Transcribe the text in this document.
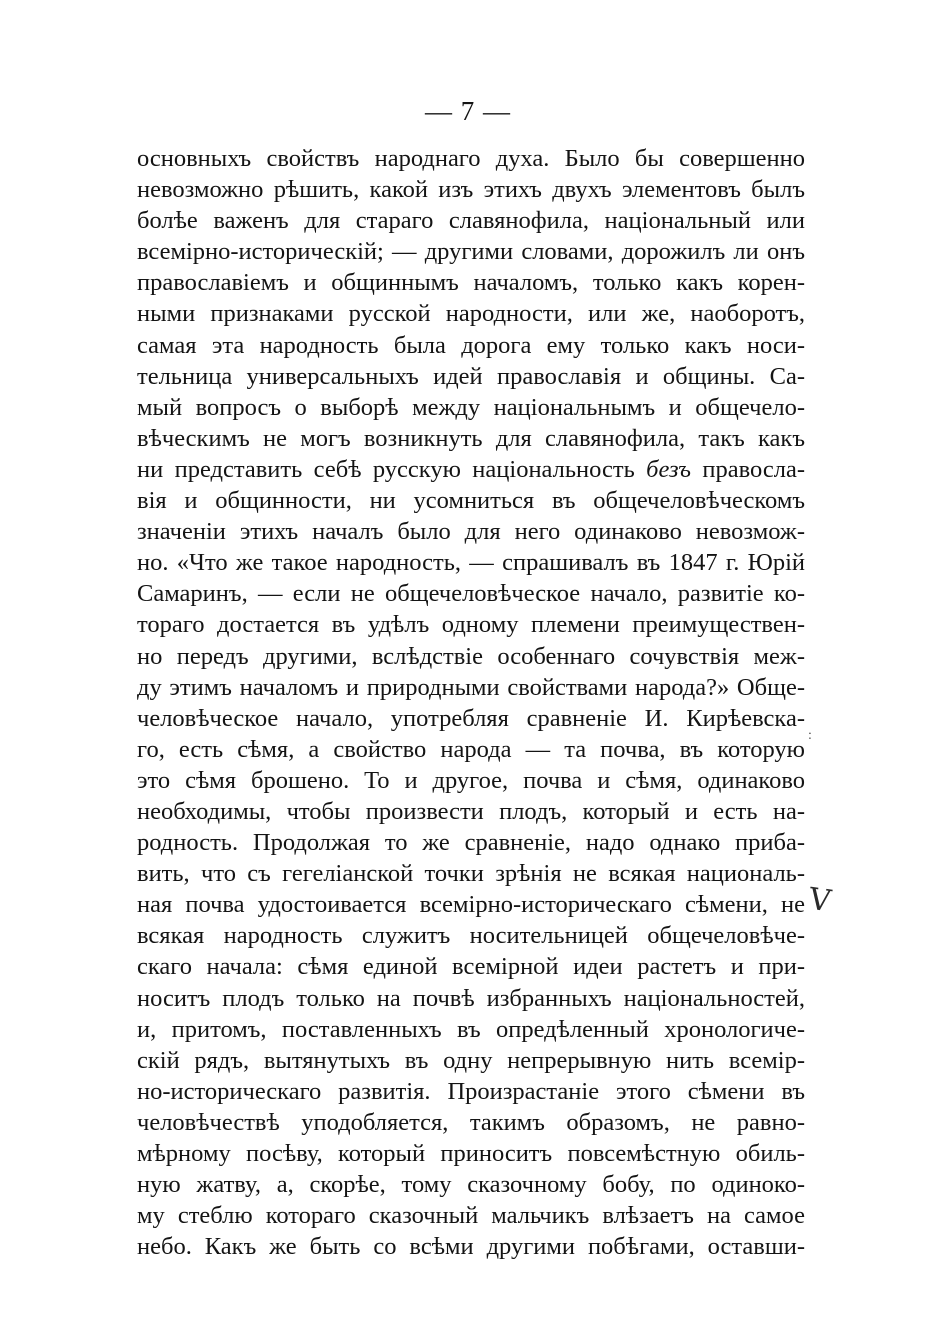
— 7 —
основныхъ свойствъ народнаго духа. Было бы совершенно
невозможно рѣшить, какой изъ этихъ двухъ элементовъ былъ
болѣе важенъ для стараго славянофила, національный или
всемірно-историческій; — другими словами, дорожилъ ли онъ
православіемъ и общиннымъ началомъ, только какъ корен-
ными признаками русской народности, или же, наоборотъ,
самая эта народность была дорога ему только какъ носи-
тельница универсальныхъ идей православія и общины. Са-
мый вопросъ о выборѣ между національнымъ и общечело-
вѣческимъ не могъ возникнуть для славянофила, такъ какъ
ни представить себѣ русскую національность безъ правосла-
вія и общинности, ни усомниться въ общечеловѣческомъ
значеніи этихъ началъ было для него одинаково невозмож-
но. «Что же такое народность, — спрашивалъ въ 1847 г. Юрій
Самаринъ, — если не общечеловѣческое начало, развитіе ко-
тораго достается въ удѣлъ одному племени преимуществен-
но передъ другими, вслѣдствіе особеннаго сочувствія меж-
ду этимъ началомъ и природными свойствами народа?» Обще-
человѣческое начало, употребляя сравненіе И. Кирѣевска-
го, есть сѣмя, а свойство народа — та почва, въ которую
это сѣмя брошено. То и другое, почва и сѣмя, одинаково
необходимы, чтобы произвести плодъ, который и есть на-
родность. Продолжая то же сравненіе, надо однако приба-
вить, что съ гегеліанской точки зрѣнія не всякая националь-
ная почва удостоивается всемірно-историческаго сѣмени, не
всякая народность служитъ носительницей общечеловѣче-
скаго начала: сѣмя единой всемірной идеи растетъ и при-
носитъ плодъ только на почвѣ избранныхъ національностей,
и, притомъ, поставленныхъ въ опредѣленный хронологиче-
скій рядъ, вытянутыхъ въ одну непрерывную нить всемір-
но-историческаго развитія. Произрастаніе этого сѣмени въ
человѣчествѣ уподобляется, такимъ образомъ, не равно-
мѣрному посѣву, который приноситъ повсемѣстную обиль-
ную жатву, а, скорѣе, тому сказочному бобу, по одиноко-
му стеблю котораго сказочный мальчикъ влѣзаетъ на самое
небо. Какъ же быть со всѣми другими побѣгами, оставши-
:
V
